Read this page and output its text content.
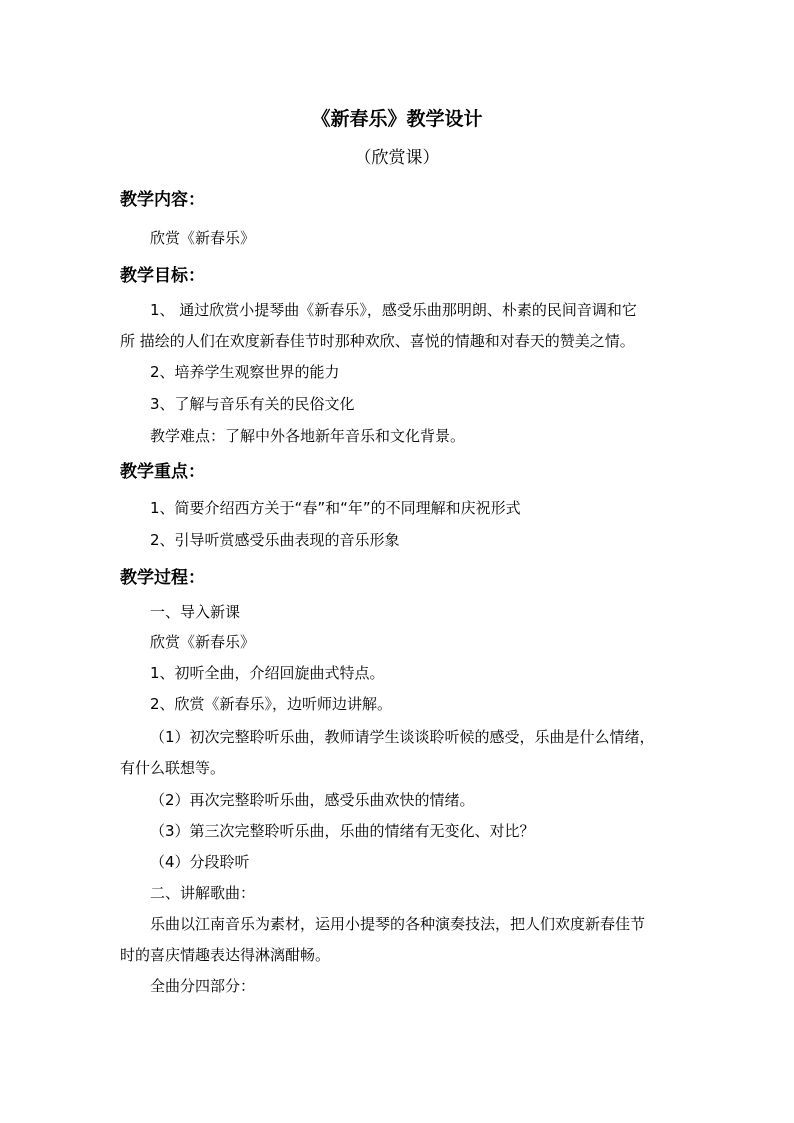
《新春乐》教学设计
（欣赏课）
教学内容：
欣赏《新春乐》
教学目标：
1、 通过欣赏小提琴曲《新春乐》，感受乐曲那明朗、朴素的民间音调和它
所 描绘的人们在欢度新春佳节时那种欢欣、喜悦的情趣和对春天的赞美之情。
2、培养学生观察世界的能力
3、了解与音乐有关的民俗文化
教学难点：了解中外各地新年音乐和文化背景。
教学重点：
1、简要介绍西方关于“春”和“年”的不同理解和庆祝形式
2、引导听赏感受乐曲表现的音乐形象
教学过程：
一、导入新课
欣赏《新春乐》
1、初听全曲，介绍回旋曲式特点。
2、欣赏《新春乐》，边听师边讲解。
（1）初次完整聆听乐曲，教师请学生谈谈聆听候的感受，乐曲是什么情绪，
有什么联想等。
（2）再次完整聆听乐曲，感受乐曲欢快的情绪。
（3）第三次完整聆听乐曲，乐曲的情绪有无变化、对比？
（4）分段聆听
二、讲解歌曲：
乐曲以江南音乐为素材，运用小提琴的各种演奏技法，把人们欢度新春佳节
时的喜庆情趣表达得淋漓酣畅。
全曲分四部分：
